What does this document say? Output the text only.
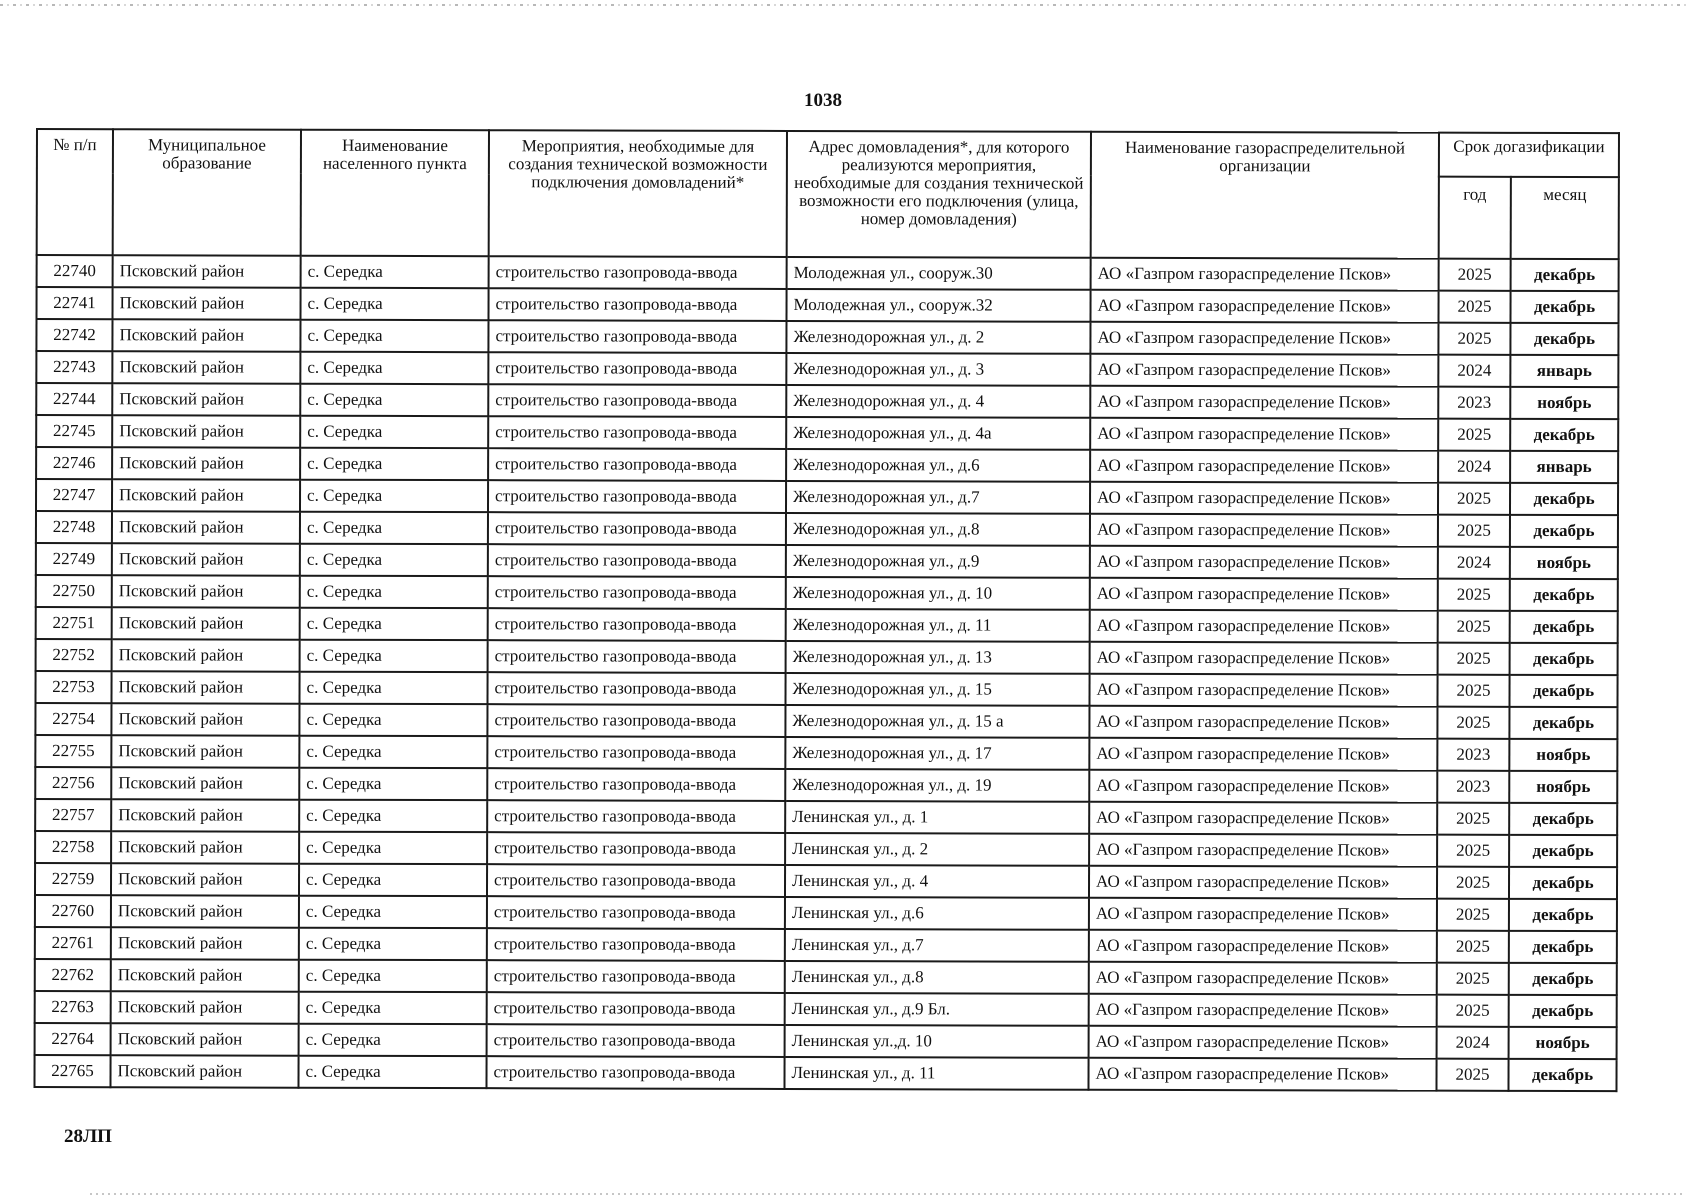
1038
№ п/п	Муниципальное образование	Наименование населенного пункта	Мероприятия, необходимые для создания технической возможности подключения домовладений*	Адрес домовладения*, для которого реализуются мероприятия, необходимые для создания технической возможности его подключения (улица, номер домовладения)	Наименование газораспределительной организации	Срок догазификации	
						год	месяц
22740	Псковский район	с. Середка	строительство газопровода-ввода	Молодежная ул., сооруж.30	АО «Газпром газораспределение Псков»	2025	декабрь
22741	Псковский район	с. Середка	строительство газопровода-ввода	Молодежная ул., сооруж.32	АО «Газпром газораспределение Псков»	2025	декабрь
22742	Псковский район	с. Середка	строительство газопровода-ввода	Железнодорожная ул., д. 2	АО «Газпром газораспределение Псков»	2025	декабрь
22743	Псковский район	с. Середка	строительство газопровода-ввода	Железнодорожная ул., д. 3	АО «Газпром газораспределение Псков»	2024	январь
22744	Псковский район	с. Середка	строительство газопровода-ввода	Железнодорожная ул., д. 4	АО «Газпром газораспределение Псков»	2023	ноябрь
22745	Псковский район	с. Середка	строительство газопровода-ввода	Железнодорожная ул., д. 4а	АО «Газпром газораспределение Псков»	2025	декабрь
22746	Псковский район	с. Середка	строительство газопровода-ввода	Железнодорожная ул., д.6	АО «Газпром газораспределение Псков»	2024	январь
22747	Псковский район	с. Середка	строительство газопровода-ввода	Железнодорожная ул., д.7	АО «Газпром газораспределение Псков»	2025	декабрь
22748	Псковский район	с. Середка	строительство газопровода-ввода	Железнодорожная ул., д.8	АО «Газпром газораспределение Псков»	2025	декабрь
22749	Псковский район	с. Середка	строительство газопровода-ввода	Железнодорожная ул., д.9	АО «Газпром газораспределение Псков»	2024	ноябрь
22750	Псковский район	с. Середка	строительство газопровода-ввода	Железнодорожная ул., д. 10	АО «Газпром газораспределение Псков»	2025	декабрь
22751	Псковский район	с. Середка	строительство газопровода-ввода	Железнодорожная ул., д. 11	АО «Газпром газораспределение Псков»	2025	декабрь
22752	Псковский район	с. Середка	строительство газопровода-ввода	Железнодорожная ул., д. 13	АО «Газпром газораспределение Псков»	2025	декабрь
22753	Псковский район	с. Середка	строительство газопровода-ввода	Железнодорожная ул., д. 15	АО «Газпром газораспределение Псков»	2025	декабрь
22754	Псковский район	с. Середка	строительство газопровода-ввода	Железнодорожная ул., д. 15 а	АО «Газпром газораспределение Псков»	2025	декабрь
22755	Псковский район	с. Середка	строительство газопровода-ввода	Железнодорожная ул., д. 17	АО «Газпром газораспределение Псков»	2023	ноябрь
22756	Псковский район	с. Середка	строительство газопровода-ввода	Железнодорожная ул., д. 19	АО «Газпром газораспределение Псков»	2023	ноябрь
22757	Псковский район	с. Середка	строительство газопровода-ввода	Ленинская ул., д. 1	АО «Газпром газораспределение Псков»	2025	декабрь
22758	Псковский район	с. Середка	строительство газопровода-ввода	Ленинская ул., д. 2	АО «Газпром газораспределение Псков»	2025	декабрь
22759	Псковский район	с. Середка	строительство газопровода-ввода	Ленинская ул., д. 4	АО «Газпром газораспределение Псков»	2025	декабрь
22760	Псковский район	с. Середка	строительство газопровода-ввода	Ленинская ул., д.6	АО «Газпром газораспределение Псков»	2025	декабрь
22761	Псковский район	с. Середка	строительство газопровода-ввода	Ленинская ул., д.7	АО «Газпром газораспределение Псков»	2025	декабрь
22762	Псковский район	с. Середка	строительство газопровода-ввода	Ленинская ул., д.8	АО «Газпром газораспределение Псков»	2025	декабрь
22763	Псковский район	с. Середка	строительство газопровода-ввода	Ленинская ул., д.9 Бл.	АО «Газпром газораспределение Псков»	2025	декабрь
22764	Псковский район	с. Середка	строительство газопровода-ввода	Ленинская ул.,д. 10	АО «Газпром газораспределение Псков»	2024	ноябрь
22765	Псковский район	с. Середка	строительство газопровода-ввода	Ленинская ул., д. 11	АО «Газпром газораспределение Псков»	2025	декабрь
28ЛП
